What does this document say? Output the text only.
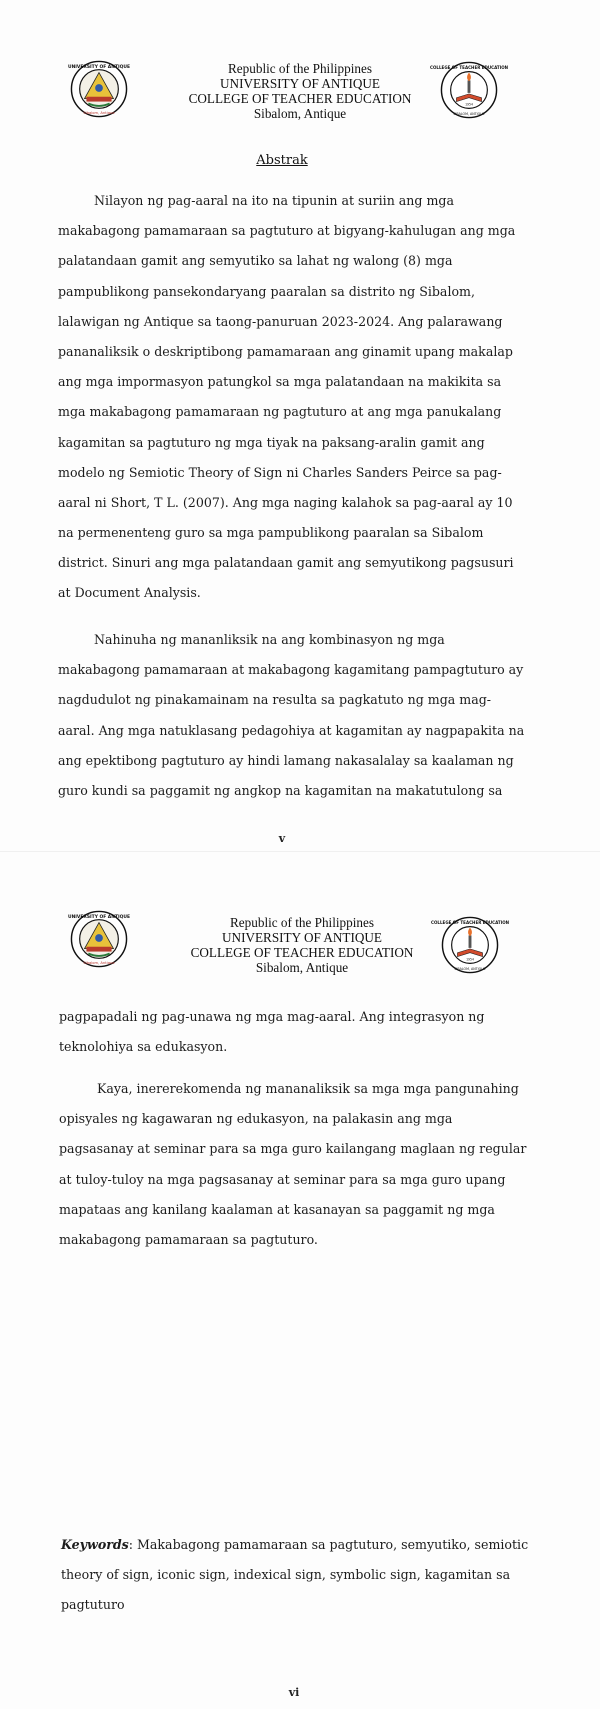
UNIVERSITY OF ANTIQUE
Sibalom, Antique
Republic of the Philippines
UNIVERSITY OF ANTIQUE
COLLEGE OF TEACHER EDUCATION
Sibalom, Antique
COLLEGE OF TEACHER EDUCATION
1954
SIBALOM, ANTIQUE
Abstrak
Nilayon ng pag-aaral na ito na tipunin at suriin ang mga
makabagong pamamaraan sa pagtuturo at bigyang-kahulugan ang mga
palatandaan gamit ang semyutiko sa lahat ng walong (8) mga
pampublikong pansekondaryang paaralan sa distrito ng Sibalom,
lalawigan ng Antique sa taong-panuruan 2023-2024. Ang palarawang
pananaliksik o deskriptibong pamamaraan ang ginamit upang makalap
ang mga impormasyon patungkol sa mga palatandaan na makikita sa
mga makabagong pamamaraan ng pagtuturo at ang mga panukalang
kagamitan sa pagtuturo ng mga tiyak na paksang-aralin gamit ang
modelo ng Semiotic Theory of Sign ni Charles Sanders Peirce sa pag-
aaral ni Short, T L. (2007). Ang mga naging kalahok sa pag-aaral ay 10
na permenenteng guro sa mga pampublikong paaralan sa Sibalom
district. Sinuri ang mga palatandaan gamit ang semyutikong pagsusuri
at Document Analysis.
Nahinuha ng mananliksik na ang kombinasyon ng mga
makabagong pamamaraan at makabagong kagamitang pampagtuturo ay
nagdudulot ng pinakamainam na resulta sa pagkatuto ng mga mag-
aaral. Ang mga natuklasang pedagohiya at kagamitan ay nagpapakita na
ang epektibong pagtuturo ay hindi lamang nakasalalay sa kaalaman ng
guro kundi sa paggamit ng angkop na kagamitan na makatutulong sa
v
UNIVERSITY OF ANTIQUE
Sibalom, Antique
Republic of the Philippines
UNIVERSITY OF ANTIQUE
COLLEGE OF TEACHER EDUCATION
Sibalom, Antique
COLLEGE OF TEACHER EDUCATION
1954
SIBALOM, ANTIQUE
pagpapadali ng pag-unawa ng mga mag-aaral. Ang integrasyon ng
teknolohiya sa edukasyon.
Kaya, inererekomenda ng mananaliksik sa mga mga pangunahing
opisyales ng kagawaran ng edukasyon, na palakasin ang mga
pagsasanay at seminar para sa mga guro kailangang maglaan ng regular
at tuloy-tuloy na mga pagsasanay at seminar para sa mga guro upang
mapataas ang kanilang kaalaman at kasanayan sa paggamit ng mga
makabagong pamamaraan sa pagtuturo.
Keywords: Makabagong pamamaraan sa pagtuturo, semyutiko, semiotic
theory of sign, iconic sign, indexical sign, symbolic sign, kagamitan sa
pagtuturo
vi
